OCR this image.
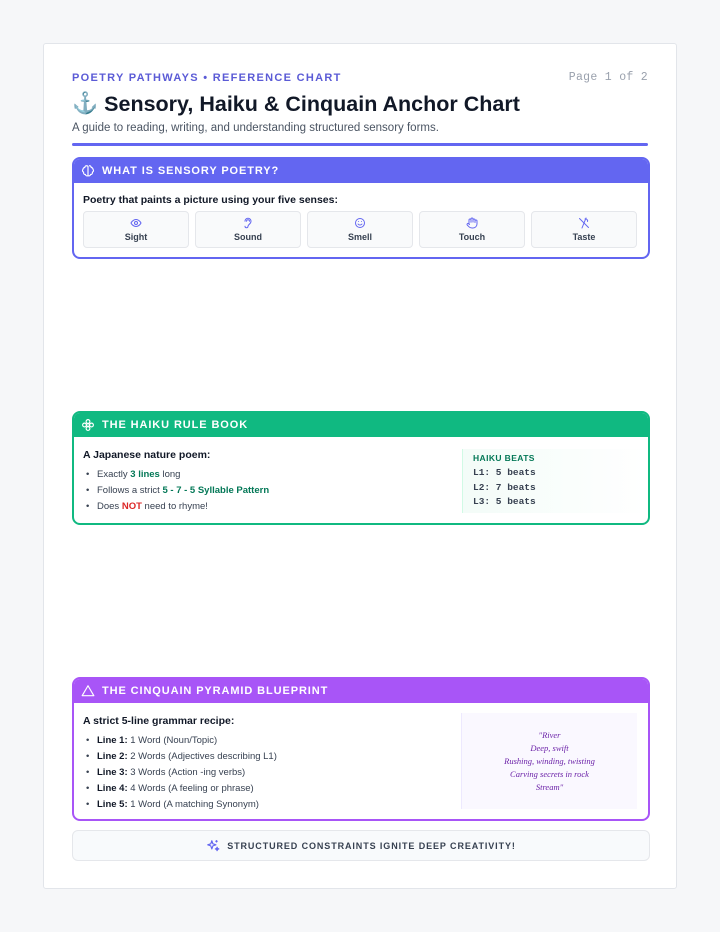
POETRY PATHWAYS • REFERENCE CHART	Page 1 of 2
⚓ Sensory, Haiku & Cinquain Anchor Chart
A guide to reading, writing, and understanding structured sensory forms.
WHAT IS SENSORY POETRY?
Poetry that paints a picture using your five senses:
Sight	Sound	Smell	Touch	Taste
THE HAIKU RULE BOOK
A Japanese nature poem:
• Exactly 3 lines long
• Follows a strict 5 - 7 - 5 Syllable Pattern
• Does NOT need to rhyme!
HAIKU BEATS
L1: 5 beats
L2: 7 beats
L3: 5 beats
THE CINQUAIN PYRAMID BLUEPRINT
A strict 5-line grammar recipe:
• Line 1: 1 Word (Noun/Topic)
• Line 2: 2 Words (Adjectives describing L1)
• Line 3: 3 Words (Action -ing verbs)
• Line 4: 4 Words (A feeling or phrase)
• Line 5: 1 Word (A matching Synonym)
"River
Deep, swift
Rushing, winding, twisting
Carving secrets in rock
Stream"
STRUCTURED CONSTRAINTS IGNITE DEEP CREATIVITY!
